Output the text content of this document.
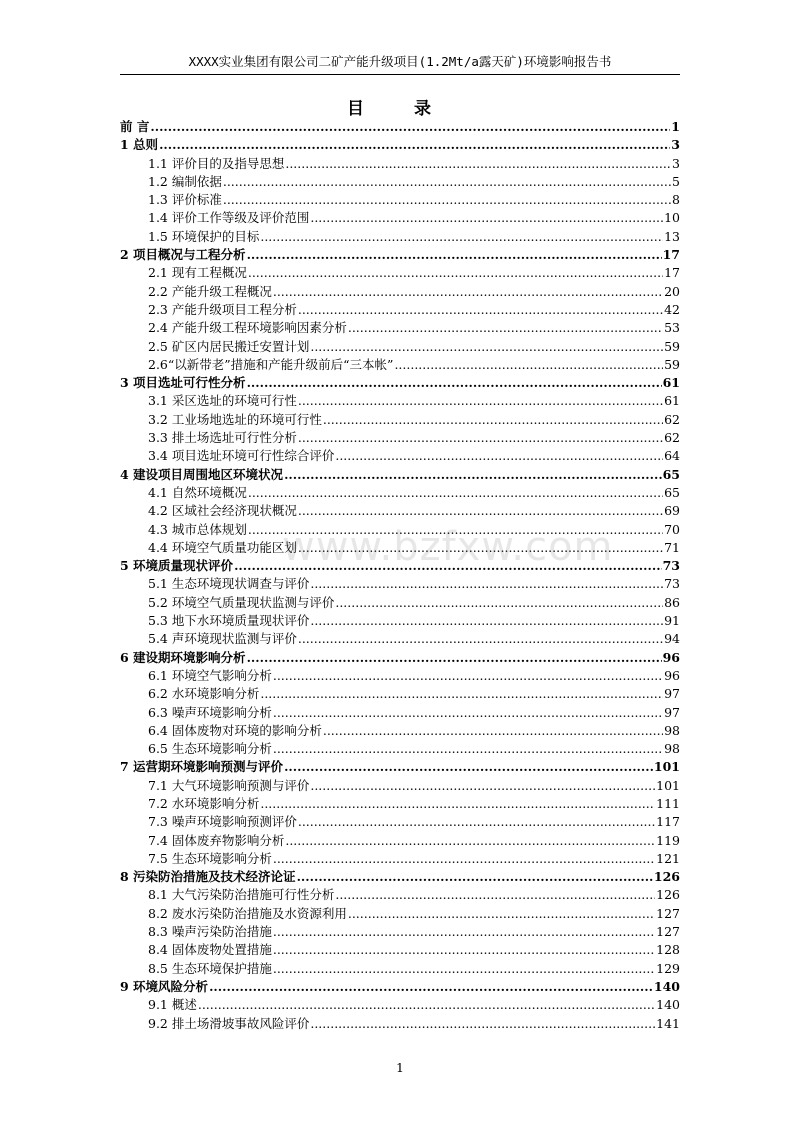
XXXX实业集团有限公司二矿产能升级项目(1.2Mt/a露天矿)环境影响报告书
目 录
前 言 .....	1
1 总则 .....	3
1.1 评价目的及指导思想 .....	3
1.2 编制依据 .....	5
1.3 评价标准 .....	8
1.4 评价工作等级及评价范围 .....	10
1.5 环境保护的目标 .....	13
2 项目概况与工程分析 .....	17
2.1 现有工程概况 .....	17
2.2 产能升级工程概况 .....	20
2.3 产能升级项目工程分析 .....	42
2.4 产能升级工程环境影响因素分析 .....	53
2.5 矿区内居民搬迁安置计划 .....	59
2.6“以新带老”措施和产能升级前后“三本帐” .....	59
3 项目选址可行性分析 .....	61
3.1 采区选址的环境可行性 .....	61
3.2 工业场地选址的环境可行性 .....	62
3.3 排土场选址可行性分析 .....	62
3.4 项目选址环境可行性综合评价 .....	64
4 建设项目周围地区环境状况 .....	65
4.1 自然环境概况 .....	65
4.2 区域社会经济现状概况 .....	69
4.3 城市总体规划 .....	70
4.4 环境空气质量功能区划 .....	71
5 环境质量现状评价 .....	73
5.1 生态环境现状调查与评价 .....	73
5.2 环境空气质量现状监测与评价 .....	86
5.3 地下水环境质量现状评价 .....	91
5.4 声环境现状监测与评价 .....	94
6 建设期环境影响分析 .....	96
6.1 环境空气影响分析 .....	96
6.2 水环境影响分析 .....	97
6.3 噪声环境影响分析 .....	97
6.4 固体废物对环境的影响分析 .....	98
6.5 生态环境影响分析 .....	98
7 运营期环境影响预测与评价 .....	101
7.1 大气环境影响预测与评价 .....	101
7.2 水环境影响分析 .....	111
7.3 噪声环境影响预测评价 .....	117
7.4 固体废弃物影响分析 .....	119
7.5 生态环境影响分析 .....	121
8 污染防治措施及技术经济论证 .....	126
8.1 大气污染防治措施可行性分析 .....	126
8.2 废水污染防治措施及水资源利用 .....	127
8.3 噪声污染防治措施 .....	127
8.4 固体废物处置措施 .....	128
8.5 生态环境保护措施 .....	129
9 环境风险分析 .....	140
9.1 概述 .....	140
9.2 排土场滑坡事故风险评价 .....	141
www.bzfxw.com
1
